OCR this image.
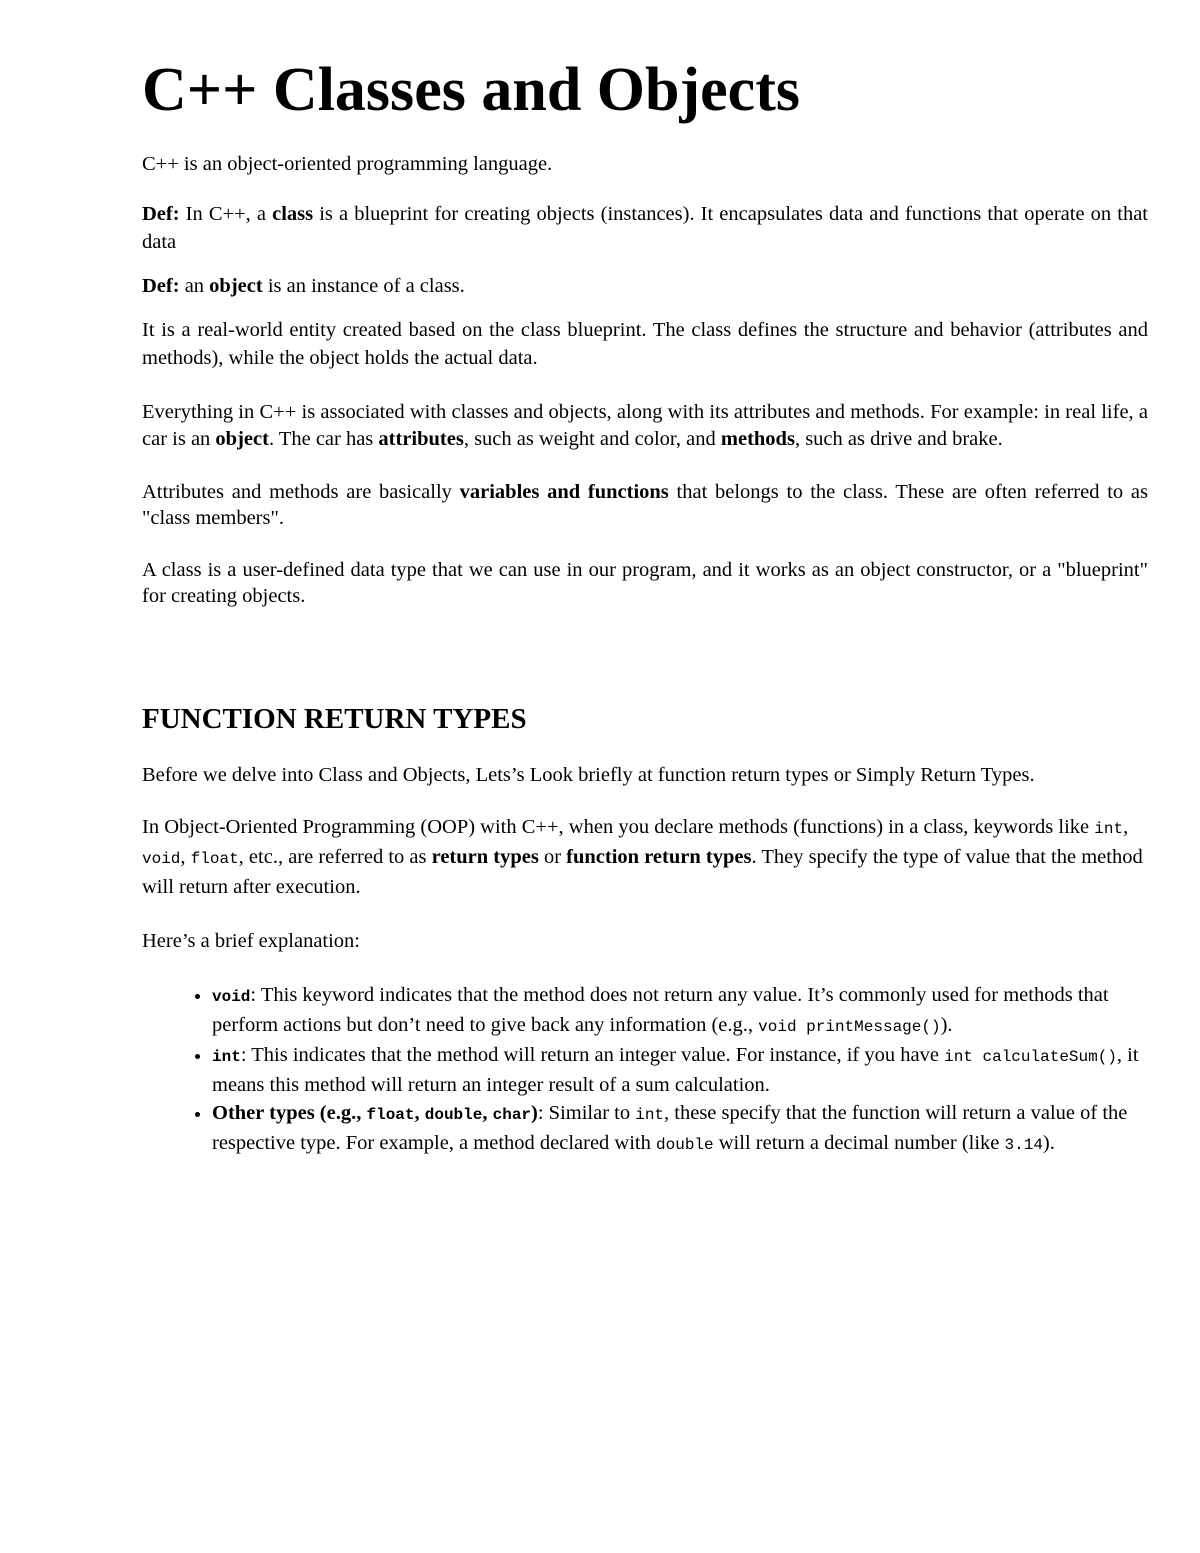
C++ Classes and Objects

C++ is an object-oriented programming language.

Def: In C++, a class is a blueprint for creating objects (instances). It encapsulates data and functions that operate on that data

Def: an object is an instance of a class.

It is a real-world entity created based on the class blueprint. The class defines the structure and behavior (attributes and methods), while the object holds the actual data.

Everything in C++ is associated with classes and objects, along with its attributes and methods. For example: in real life, a car is an object. The car has attributes, such as weight and color, and methods, such as drive and brake.

Attributes and methods are basically variables and functions that belongs to the class. These are often referred to as "class members".

A class is a user-defined data type that we can use in our program, and it works as an object constructor, or a "blueprint" for creating objects.

FUNCTION RETURN TYPES

Before we delve into Class and Objects, Lets’s Look briefly at function return types or Simply Return Types.

In Object-Oriented Programming (OOP) with C++, when you declare methods (functions) in a class, keywords like int, void, float, etc., are referred to as return types or function return types. They specify the type of value that the method will return after execution.

Here’s a brief explanation:

• void: This keyword indicates that the method does not return any value. It’s commonly used for methods that perform actions but don’t need to give back any information (e.g., void printMessage()).
• int: This indicates that the method will return an integer value. For instance, if you have int calculateSum(), it means this method will return an integer result of a sum calculation.
• Other types (e.g., float, double, char): Similar to int, these specify that the function will return a value of the respective type. For example, a method declared with double will return a decimal number (like 3.14).
